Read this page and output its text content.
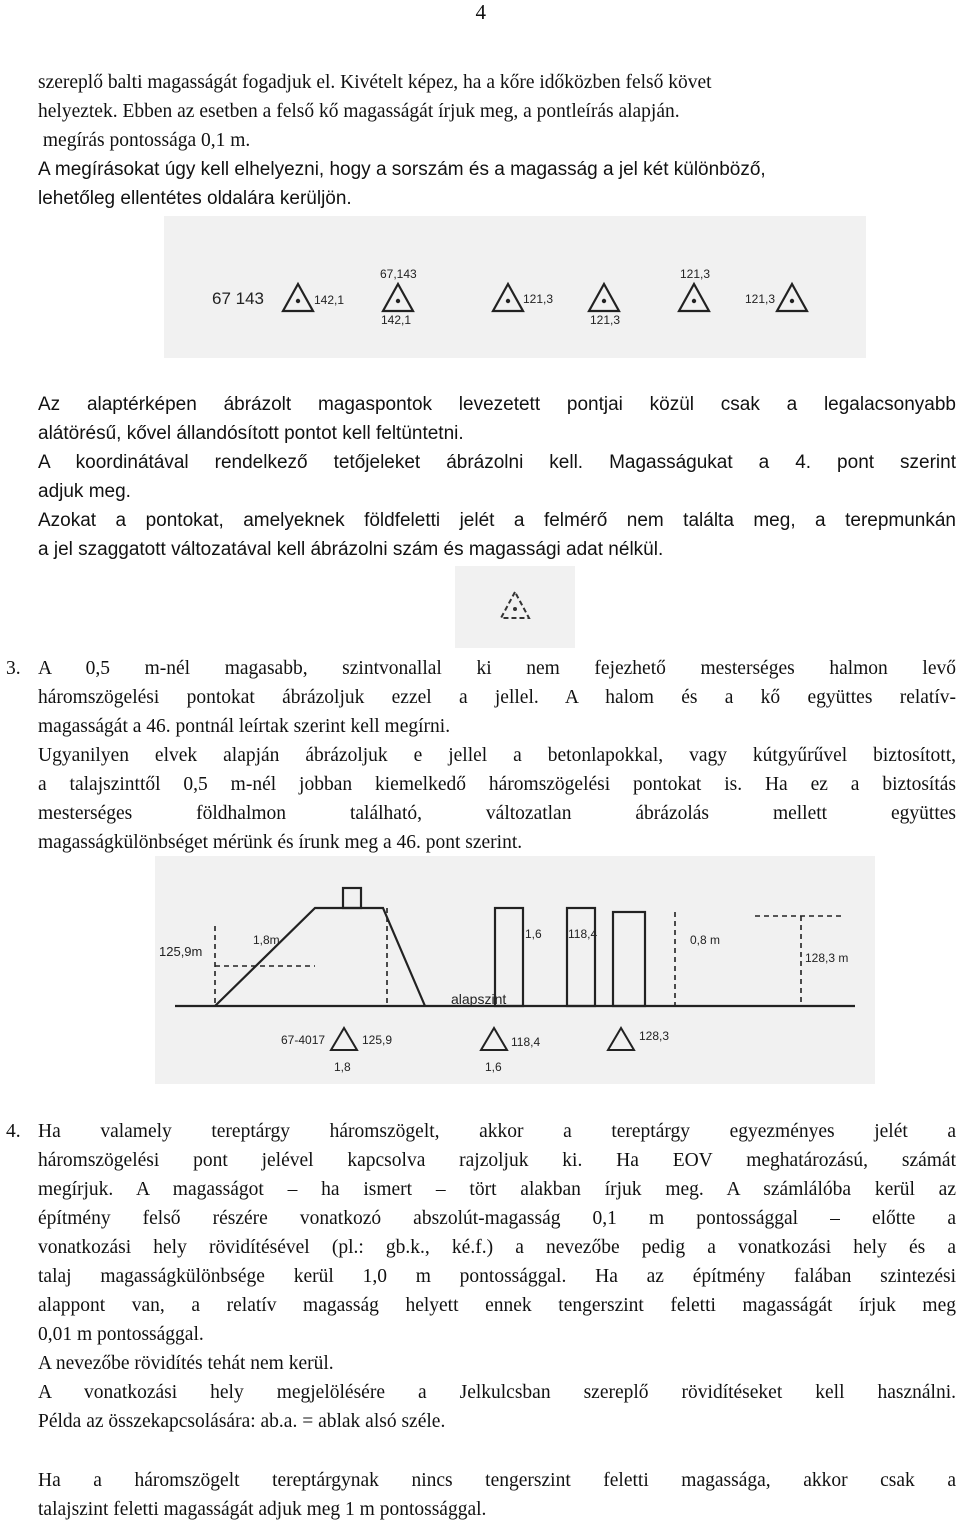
4
szereplő balti magasságát fogadjuk el. Kivételt képez, ha a kőre időközben felső követ
helyeztek. Ebben az esetben a felső kő magasságát írjuk meg, a pontleírás alapján.
megírás pontossága 0,1 m.
A megírásokat úgy kell elhelyezni, hogy a sorszám és a magasság a jel két különböző,
lehetőleg ellentétes oldalára kerüljön.
67 143	142,1
67,143
142,1
121,3
121,3
121,3
121,3
Az alaptérképen ábrázolt magaspontok levezetett pontjai közül csak a legalacsonyabb
alátörésű, kővel állandósított pontot kell feltüntetni.
A koordinátával rendelkező tetőjeleket ábrázolni kell. Magasságukat a 4. pont szerint
adjuk meg.
Azokat a pontokat, amelyeknek földfeletti jelét a felmérő nem találta meg, a terepmunkán
a jel szaggatott változatával kell ábrázolni szám és magassági adat nélkül.
3. A 0,5 m-nél magasabb, szintvonallal ki nem fejezhető mesterséges halmon levő
háromszögelési pontokat ábrázoljuk ezzel a jellel. A halom és a kő együttes relatív-
magasságát a 46. pontnál leírtak szerint kell megírni.
Ugyanilyen elvek alapján ábrázoljuk e jellel a betonlapokkal, vagy kútgyűrűvel biztosított,
a talajszinttől 0,5 m-nél jobban kiemelkedő háromszögelési pontokat is. Ha ez a biztosítás
mesterséges földhalmon található, változatlan ábrázolás mellett együttes
magasságkülönbséget mérünk és írunk meg a 46. pont szerint.
125,9m
1,8m	1,6 118,4	0,8 m
128,3 m
alapszint
67-4017	125,9
1,8
118,4
1,6
128,3
4. Ha valamely tereptárgy háromszögelt, akkor a tereptárgy egyezményes jelét a
háromszögelési pont jelével kapcsolva rajzoljuk ki. Ha EOV meghatározású, számát
megírjuk. A magasságot – ha ismert – tört alakban írjuk meg. A számlálóba kerül az
építmény felső részére vonatkozó abszolút-magasság 0,1 m pontossággal – előtte a
vonatkozási hely rövidítésével (pl.: gb.k., ké.f.) a nevezőbe pedig a vonatkozási hely és a
talaj magasságkülönbsége kerül 1,0 m pontossággal. Ha az építmény falában szintezési
alappont van, a relatív magasság helyett ennek tengerszint feletti magasságát írjuk meg
0,01 m pontossággal.
A nevezőbe rövidítés tehát nem kerül.
A vonatkozási hely megjelölésére a Jelkulcsban szereplő rövidítéseket kell használni.
Példa az összekapcsolására: ab.a. = ablak alsó széle.
Ha a háromszögelt tereptárgynak nincs tengerszint feletti magassága, akkor csak a
talajszint feletti magasságát adjuk meg 1 m pontossággal.
